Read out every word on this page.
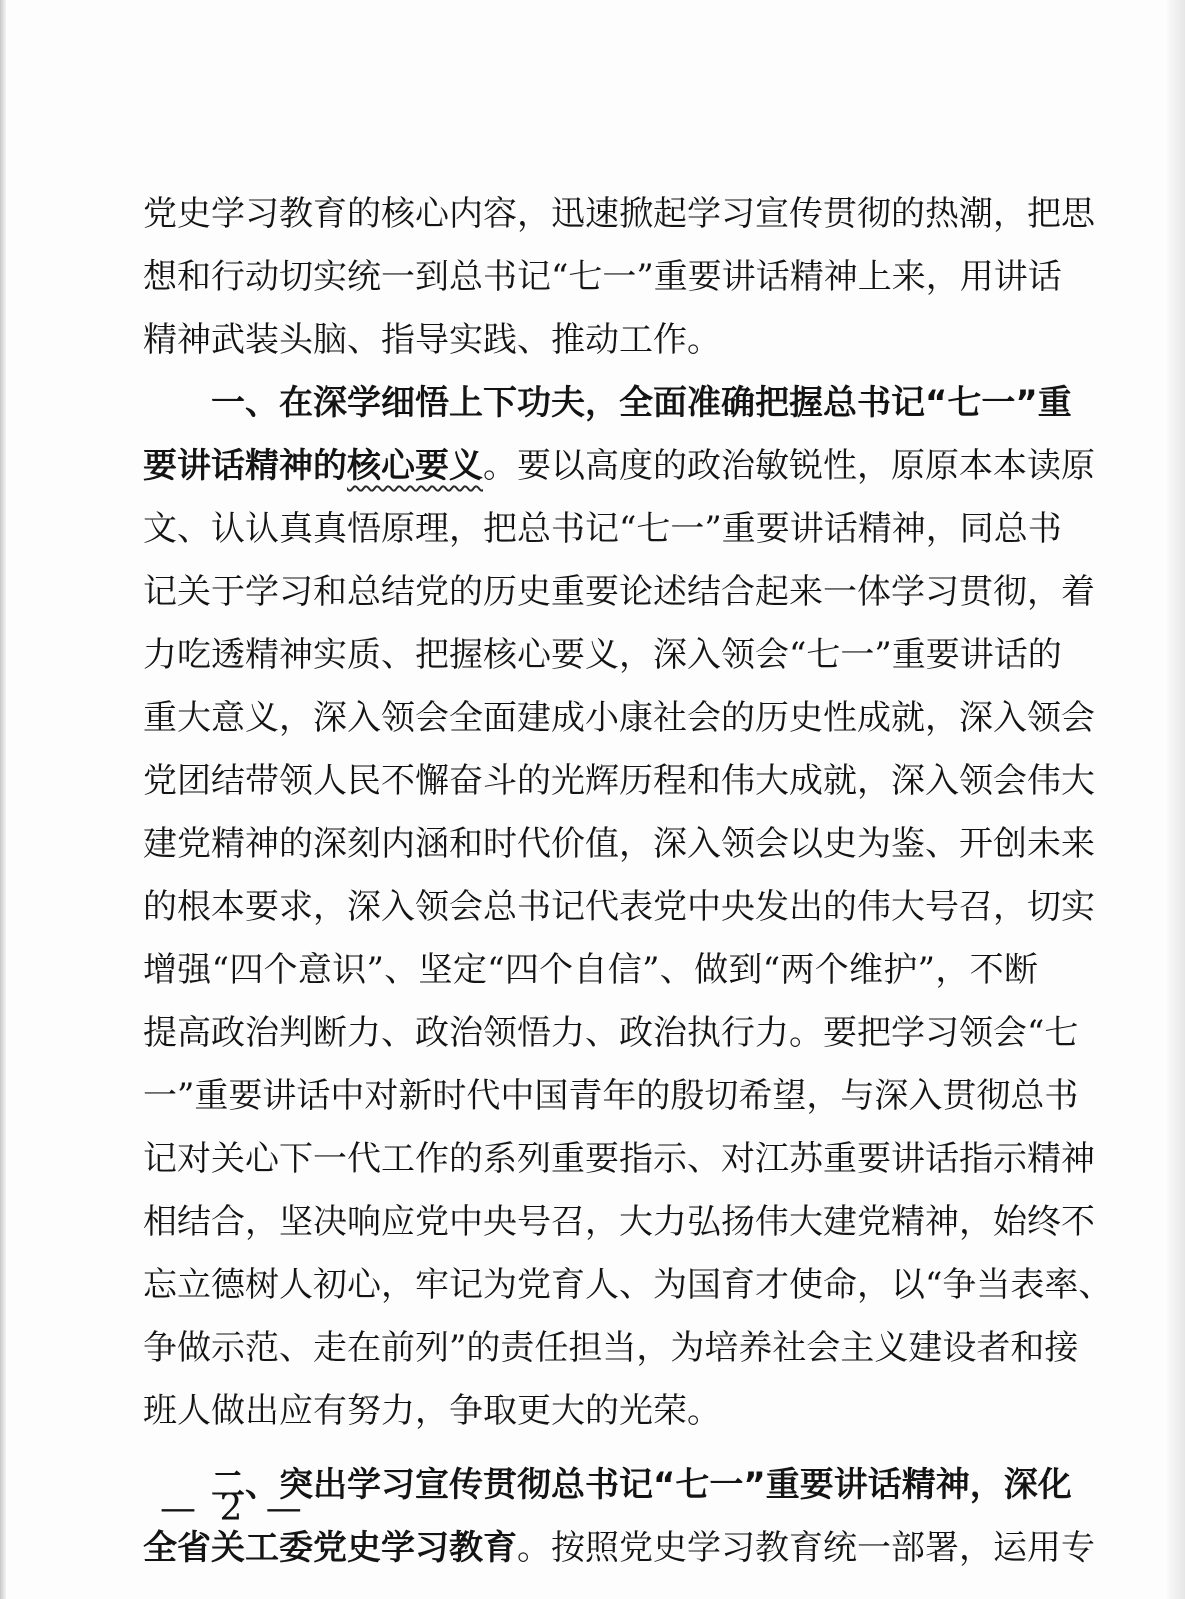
党史学习教育的核心内容，迅速掀起学习宣传贯彻的热潮，把思
想和行动切实统一到总书记“七一”重要讲话精神上来，用讲话
精神武装头脑、指导实践、推动工作。
一、在深学细悟上下功夫，全面准确把握总书记“七一”重
要讲话精神的核心要义。要以高度的政治敏锐性，原原本本读原
文、认认真真悟原理，把总书记“七一”重要讲话精神，同总书
记关于学习和总结党的历史重要论述结合起来一体学习贯彻，着
力吃透精神实质、把握核心要义，深入领会“七一”重要讲话的
重大意义，深入领会全面建成小康社会的历史性成就，深入领会
党团结带领人民不懈奋斗的光辉历程和伟大成就，深入领会伟大
建党精神的深刻内涵和时代价值，深入领会以史为鉴、开创未来
的根本要求，深入领会总书记代表党中央发出的伟大号召，切实
增强“四个意识”、坚定“四个自信”、做到“两个维护”，不断
提高政治判断力、政治领悟力、政治执行力。要把学习领会“七
一”重要讲话中对新时代中国青年的殷切希望，与深入贯彻总书
记对关心下一代工作的系列重要指示、对江苏重要讲话指示精神
相结合，坚决响应党中央号召，大力弘扬伟大建党精神，始终不
忘立德树人初心，牢记为党育人、为国育才使命，以“争当表率、
争做示范、走在前列”的责任担当，为培养社会主义建设者和接
班人做出应有努力，争取更大的光荣。
二、突出学习宣传贯彻总书记“七一”重要讲话精神，深化
全省关工委党史学习教育。按照党史学习教育统一部署，运用专
— 2 —
